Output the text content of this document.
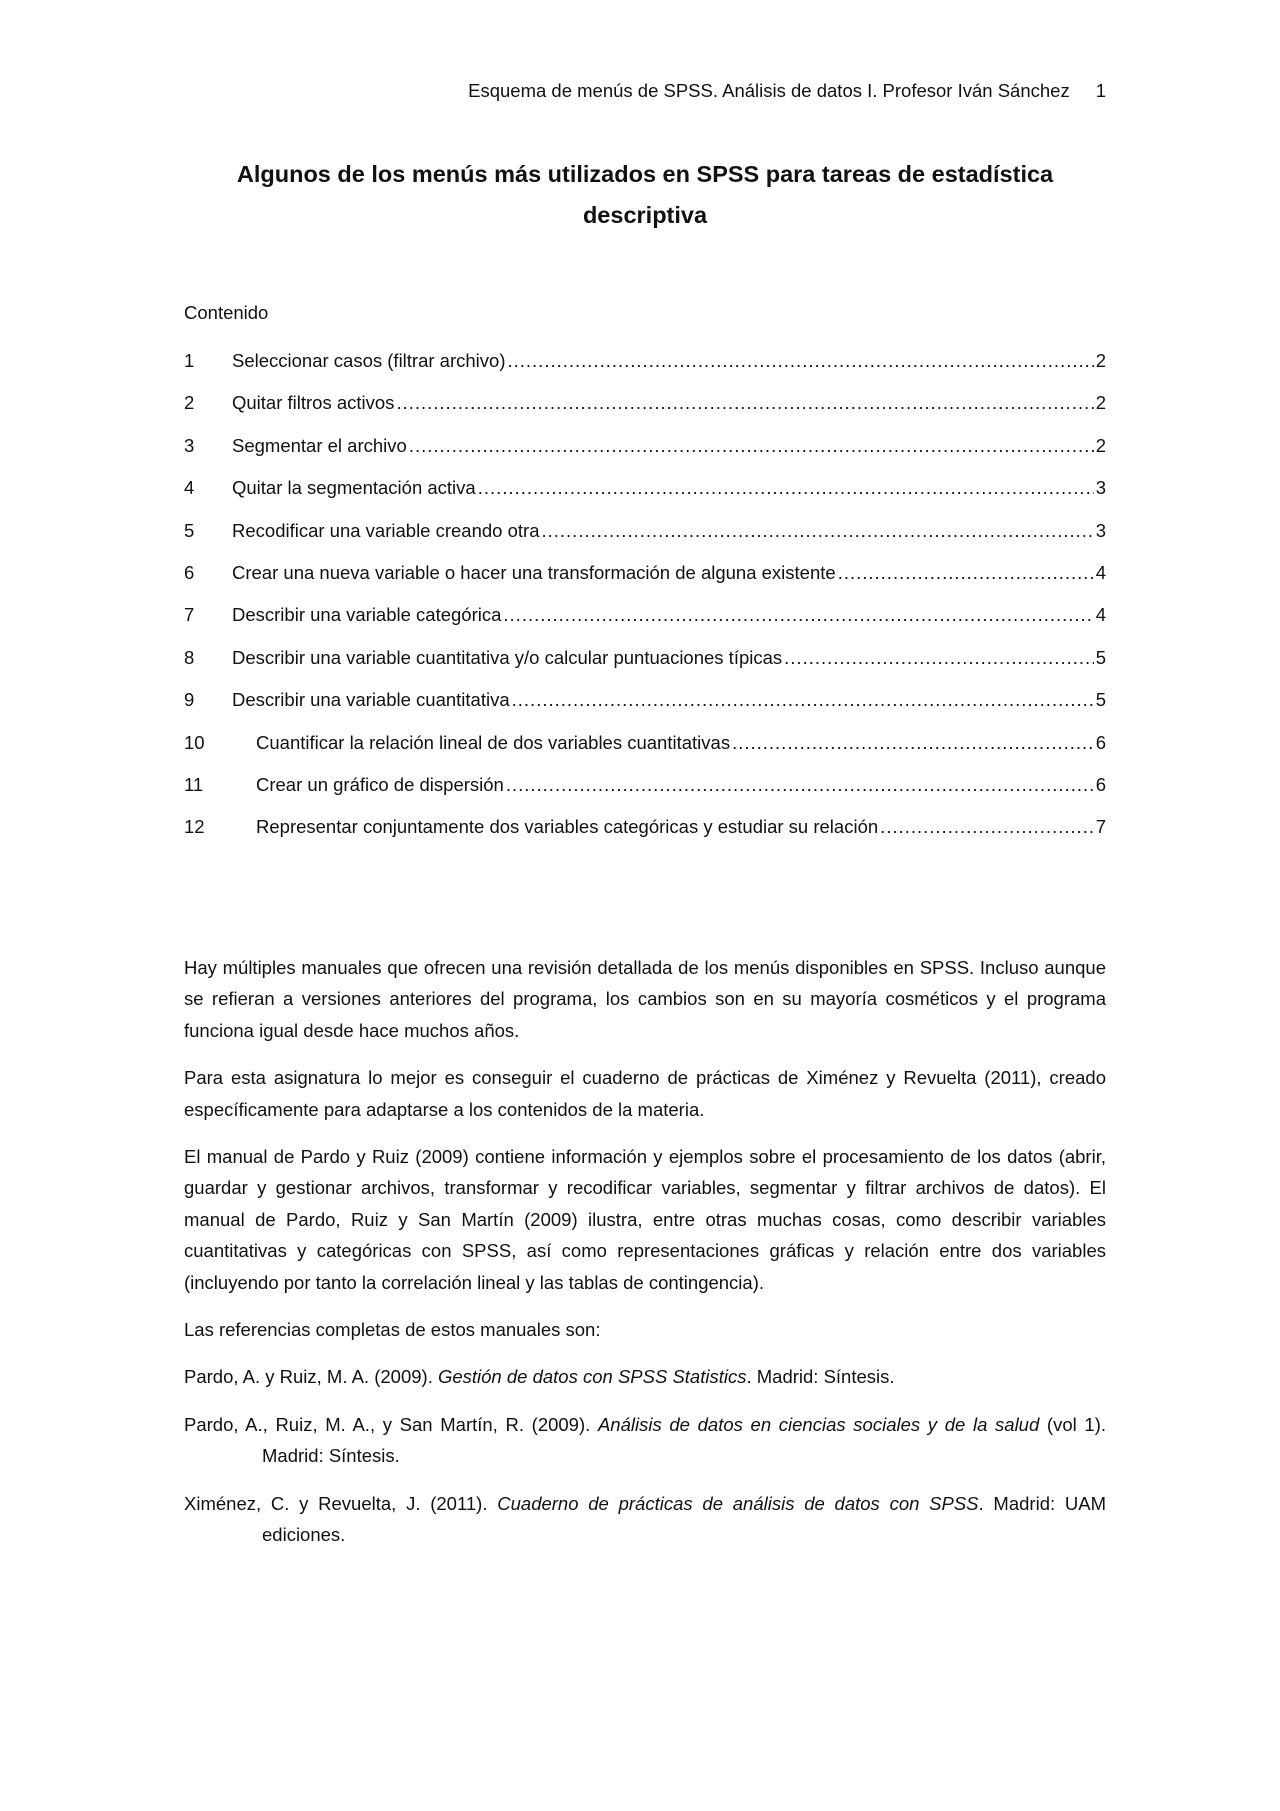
Esquema de menús de SPSS. Análisis de datos I. Profesor Iván Sánchez 1
Algunos de los menús más utilizados en SPSS para tareas de estadística descriptiva
Contenido
1	Seleccionar casos (filtrar archivo) .....	2
2	Quitar filtros activos .....	2
3	Segmentar el archivo .....	2
4	Quitar la segmentación activa .....	3
5	Recodificar una variable creando otra .....	3
6	Crear una nueva variable o hacer una transformación de alguna existente .....	4
7	Describir una variable categórica .....	4
8	Describir una variable cuantitativa y/o calcular puntuaciones típicas .....	5
9	Describir una variable cuantitativa .....	5
10	Cuantificar la relación lineal de dos variables cuantitativas .....	6
11	Crear un gráfico de dispersión .....	6
12	Representar conjuntamente dos variables categóricas y estudiar su relación .....	7

Hay múltiples manuales que ofrecen una revisión detallada de los menús disponibles en SPSS. Incluso aunque se refieran a versiones anteriores del programa, los cambios son en su mayoría cosméticos y el programa funciona igual desde hace muchos años.

Para esta asignatura lo mejor es conseguir el cuaderno de prácticas de Ximénez y Revuelta (2011), creado específicamente para adaptarse a los contenidos de la materia.

El manual de Pardo y Ruiz (2009) contiene información y ejemplos sobre el procesamiento de los datos (abrir, guardar y gestionar archivos, transformar y recodificar variables, segmentar y filtrar archivos de datos). El manual de Pardo, Ruiz y San Martín (2009) ilustra, entre otras muchas cosas, como describir variables cuantitativas y categóricas con SPSS, así como representaciones gráficas y relación entre dos variables (incluyendo por tanto la correlación lineal y las tablas de contingencia).

Las referencias completas de estos manuales son:

Pardo, A. y Ruiz, M. A. (2009). Gestión de datos con SPSS Statistics. Madrid: Síntesis.

Pardo, A., Ruiz, M. A., y San Martín, R. (2009). Análisis de datos en ciencias sociales y de la salud (vol 1). Madrid: Síntesis.

Ximénez, C. y Revuelta, J. (2011). Cuaderno de prácticas de análisis de datos con SPSS. Madrid: UAM ediciones.
